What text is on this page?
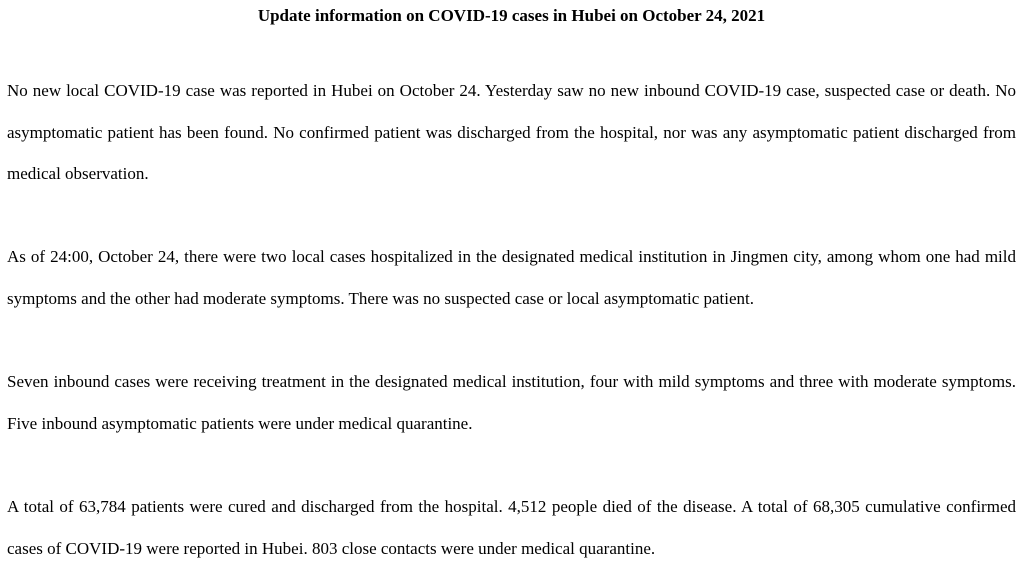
Update information on COVID-19 cases in Hubei on October 24, 2021

No new local COVID-19 case was reported in Hubei on October 24. Yesterday saw no new inbound COVID-19 case, suspected case or death. No asymptomatic patient has been found. No confirmed patient was discharged from the hospital, nor was any asymptomatic patient discharged from medical observation.

As of 24:00, October 24, there were two local cases hospitalized in the designated medical institution in Jingmen city, among whom one had mild symptoms and the other had moderate symptoms. There was no suspected case or local asymptomatic patient.

Seven inbound cases were receiving treatment in the designated medical institution, four with mild symptoms and three with moderate symptoms. Five inbound asymptomatic patients were under medical quarantine.

A total of 63,784 patients were cured and discharged from the hospital. 4,512 people died of the disease. A total of 68,305 cumulative confirmed cases of COVID-19 were reported in Hubei. 803 close contacts were under medical quarantine.
